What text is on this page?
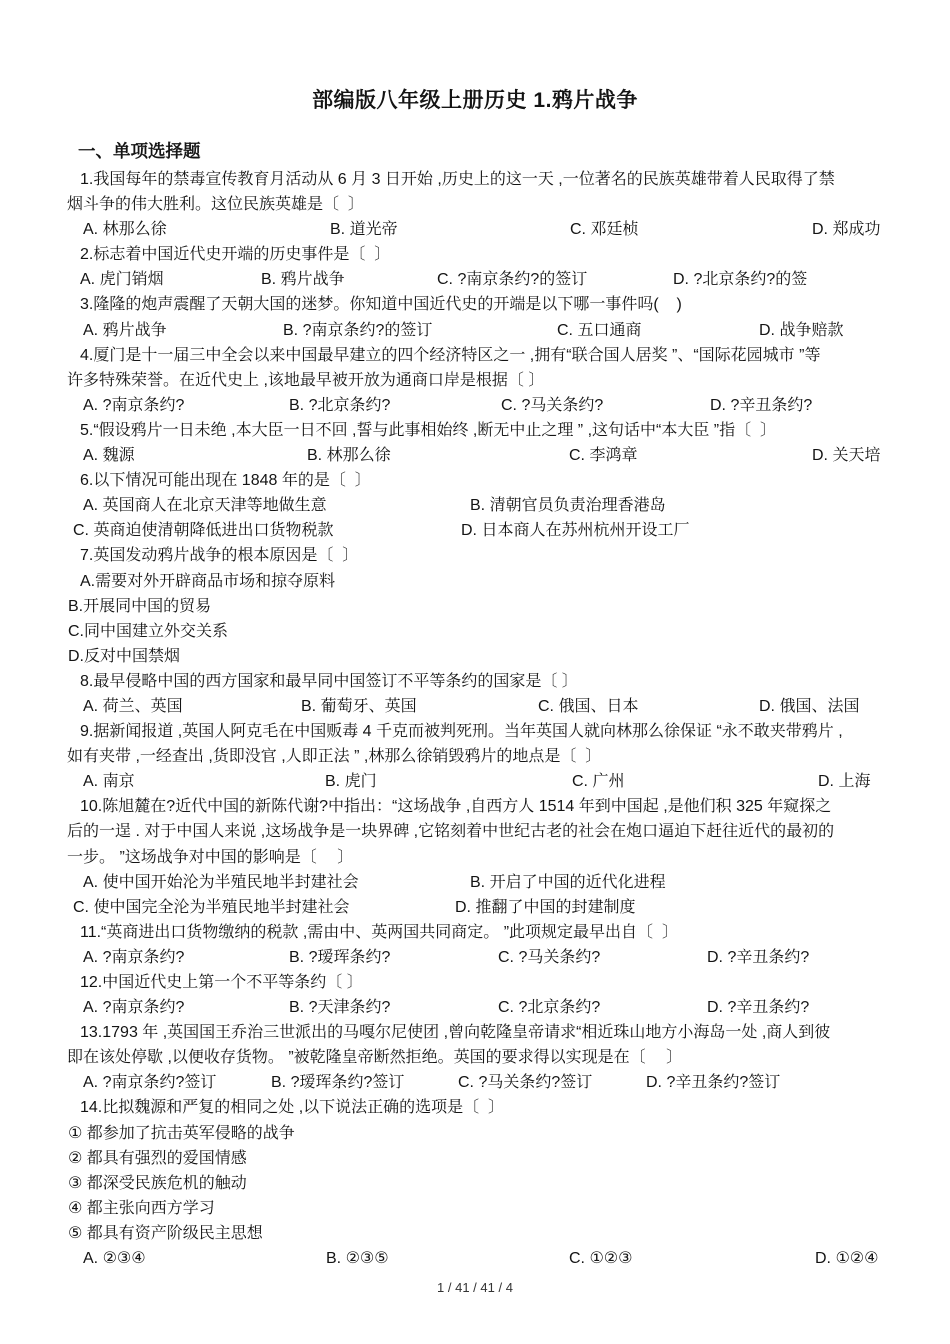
部编版八年级上册历史 1.鸦片战争
一、单项选择题
1.我国每年的禁毒宣传教育月活动从 6 月 3 日开始 ,历史上的这一天 ,一位著名的民族英雄带着人民取得了禁
烟斗争的伟大胜利。这位民族英雄是〔  〕

A. 林那么徐

	B. 道光帝

	C. 邓廷桢

	D. 郑成功

2.标志着中国近代史开端的历史事件是〔  〕

A. 虎门销烟

	B. 鸦片战争

	C. ?南京条约?的签订

	D. ?北京条约?的签

3.隆隆的炮声震醒了天朝大国的迷梦。你知道中国近代史的开端是以下哪一事件吗(    )

A. 鸦片战争

	B. ?南京条约?的签订

	C. 五口通商

	D. 战争赔款

4.厦门是十一届三中全会以来中国最早建立的四个经济特区之一 ,拥有“联合国人居奖 ”、“国际花园城市 ”等
许多特殊荣誉。在近代史上 ,该地最早被开放为通商口岸是根据〔 〕

A. ?南京条约?

	B. ?北京条约?

	C. ?马关条约?

	D. ?辛丑条约?

5.“假设鸦片一日未绝 ,本大臣一日不回 ,誓与此事相始终 ,断无中止之理 ” ,这句话中“本大臣 ”指〔  〕

A. 魏源

	B. 林那么徐

	C. 李鸿章

	D. 关天培

6.以下情况可能出现在 1848 年的是〔  〕

A. 英国商人在北京天津等地做生意

	B. 清朝官员负责治理香港岛

C. 英商迫使清朝降低进出口货物税款

	D. 日本商人在苏州杭州开设工厂

7.英国发动鸦片战争的根本原因是〔  〕
A.需要对外开辟商品市场和掠夺原料
B.开展同中国的贸易
C.同中国建立外交关系
D.反对中国禁烟
8.最早侵略中国的西方国家和最早同中国签订不平等条约的国家是〔 〕

A. 荷兰、英国

	B. 葡萄牙、英国

	C. 俄国、日本

	D. 俄国、法国

9.据新闻报道 ,英国人阿克毛在中国贩毒 4 千克而被判死刑。当年英国人就向林那么徐保证 “永不敢夹带鸦片 ,
如有夹带 ,一经查出 ,货即没官 ,人即正法 ” ,林那么徐销毁鸦片的地点是〔  〕

A. 南京

	B. 虎门

	C. 广州

	D. 上海

10.陈旭麓在?近代中国的新陈代谢?中指出：“这场战争 ,自西方人 1514 年到中国起 ,是他们积 325 年窥探之
后的一逞 . 对于中国人来说 ,这场战争是一块界碑 ,它铭刻着中世纪古老的社会在炮口逼迫下赶往近代的最初的
一步。 ”这场战争对中国的影响是〔　 〕

A. 使中国开始沦为半殖民地半封建社会

	B. 开启了中国的近代化进程

C. 使中国完全沦为半殖民地半封建社会

	D. 推翻了中国的封建制度

11.“英商进出口货物缴纳的税款 ,需由中、英两国共同商定。 ”此项规定最早出自〔  〕

A. ?南京条约?

	B. ?瑷珲条约?

	C. ?马关条约?

	D. ?辛丑条约?

12.中国近代史上第一个不平等条约〔 〕

A. ?南京条约?

	B. ?天津条约?

	C. ?北京条约?

	D. ?辛丑条约?

13.1793 年 ,英国国王乔治三世派出的马嘎尔尼使团 ,曾向乾隆皇帝请求“相近珠山地方小海岛一处 ,商人到彼
即在该处停歇 ,以便收存货物。 ”被乾隆皇帝断然拒绝。英国的要求得以实现是在〔　 〕

A. ?南京条约?签订

	B. ?瑷珲条约?签订

	C. ?马关条约?签订

	D. ?辛丑条约?签订

14.比拟魏源和严复的相同之处 ,以下说法正确的选项是〔  〕
① 都参加了抗击英军侵略的战争
② 都具有强烈的爱国情感
③ 都深受民族危机的触动
④ 都主张向西方学习
⑤ 都具有资产阶级民主思想

A. ②③④

	B. ②③⑤

	C. ①②③

	D. ①②④

1 / 41 / 41 / 4
